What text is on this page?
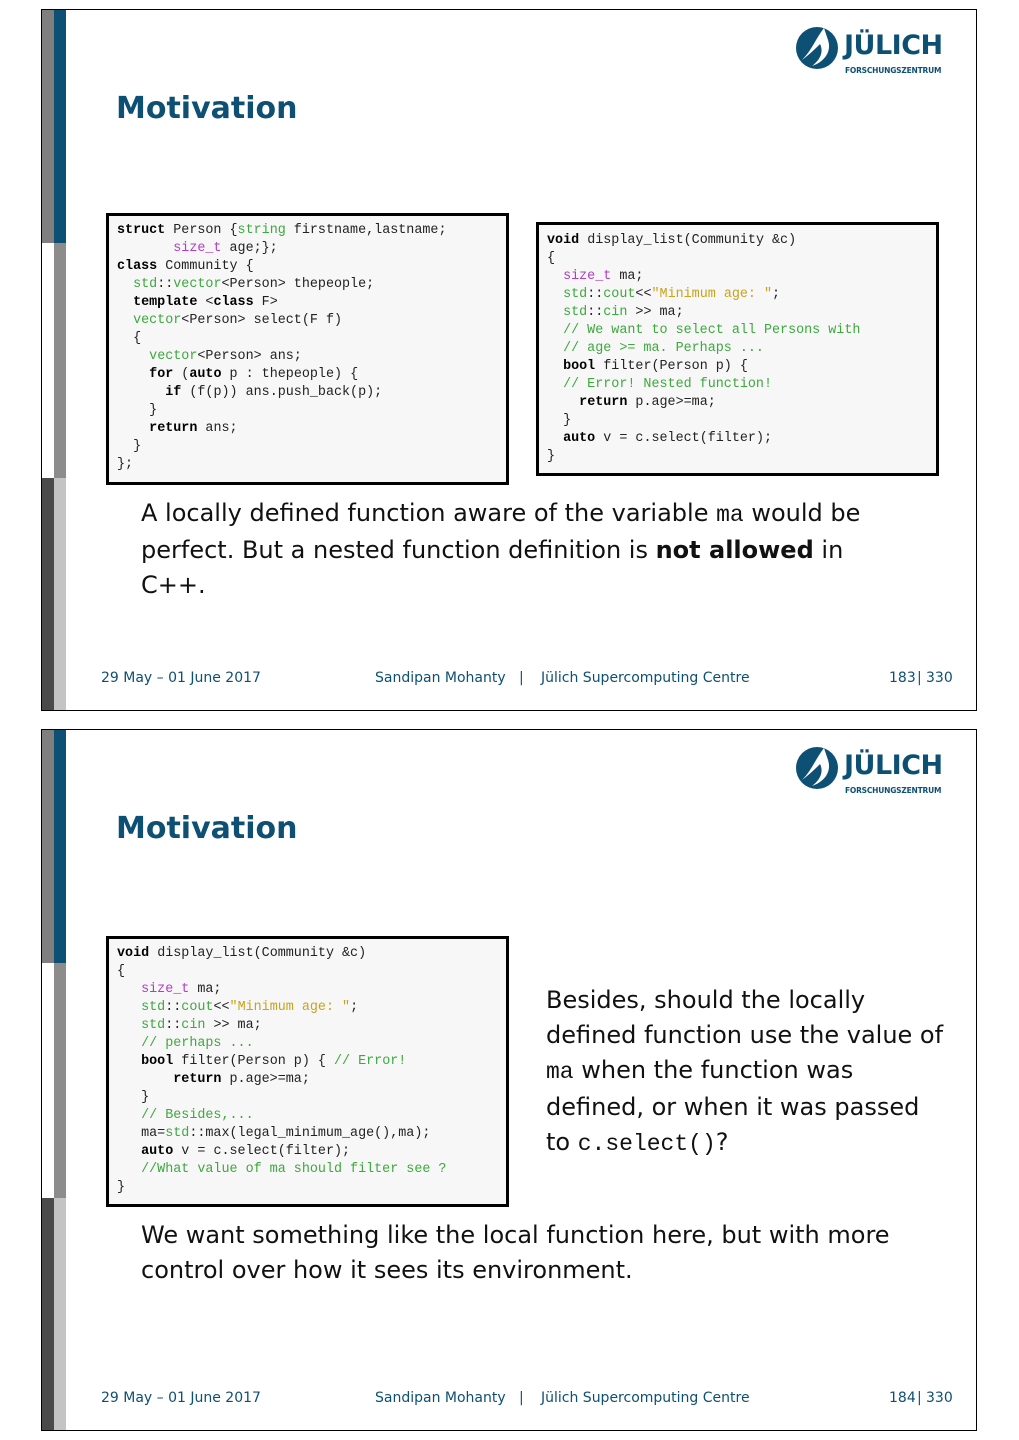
JÜLICH
FORSCHUNGSZENTRUM
Motivation
struct Person {string firstname,lastname;
size_t age;};
class Community {
std::vector<Person> thepeople;
template <class F>
vector<Person> select(F f)
{
vector<Person> ans;
for (auto p : thepeople) {
if (f(p)) ans.push_back(p);
}
return ans;
}
};
void display_list(Community &c)
{
size_t ma;
std::cout<<"Minimum age: ";
std::cin >> ma;
// We want to select all Persons with
// age >= ma. Perhaps ...
bool filter(Person p) {
// Error! Nested function!
return p.age>=ma;
}
auto v = c.select(filter);
}
A locally defined function aware of the variable ma would be perfect. But a nested function definition is not allowed in C++.
29 May – 01 June 2017	Sandipan Mohanty | Jülich Supercomputing Centre	183 | 330
JÜLICH
FORSCHUNGSZENTRUM
Motivation
void display_list(Community &c)
{
size_t ma;
std::cout<<"Minimum age: ";
std::cin >> ma;
// perhaps ...
bool filter(Person p) { // Error!
return p.age>=ma;
}
// Besides,...
ma=std::max(legal_minimum_age(),ma);
auto v = c.select(filter);
//What value of ma should filter see ?
}
Besides, should the locally defined function use the value of ma when the function was defined, or when it was passed to c.select()?
We want something like the local function here, but with more control over how it sees its environment.
29 May – 01 June 2017	Sandipan Mohanty | Jülich Supercomputing Centre	184 | 330
